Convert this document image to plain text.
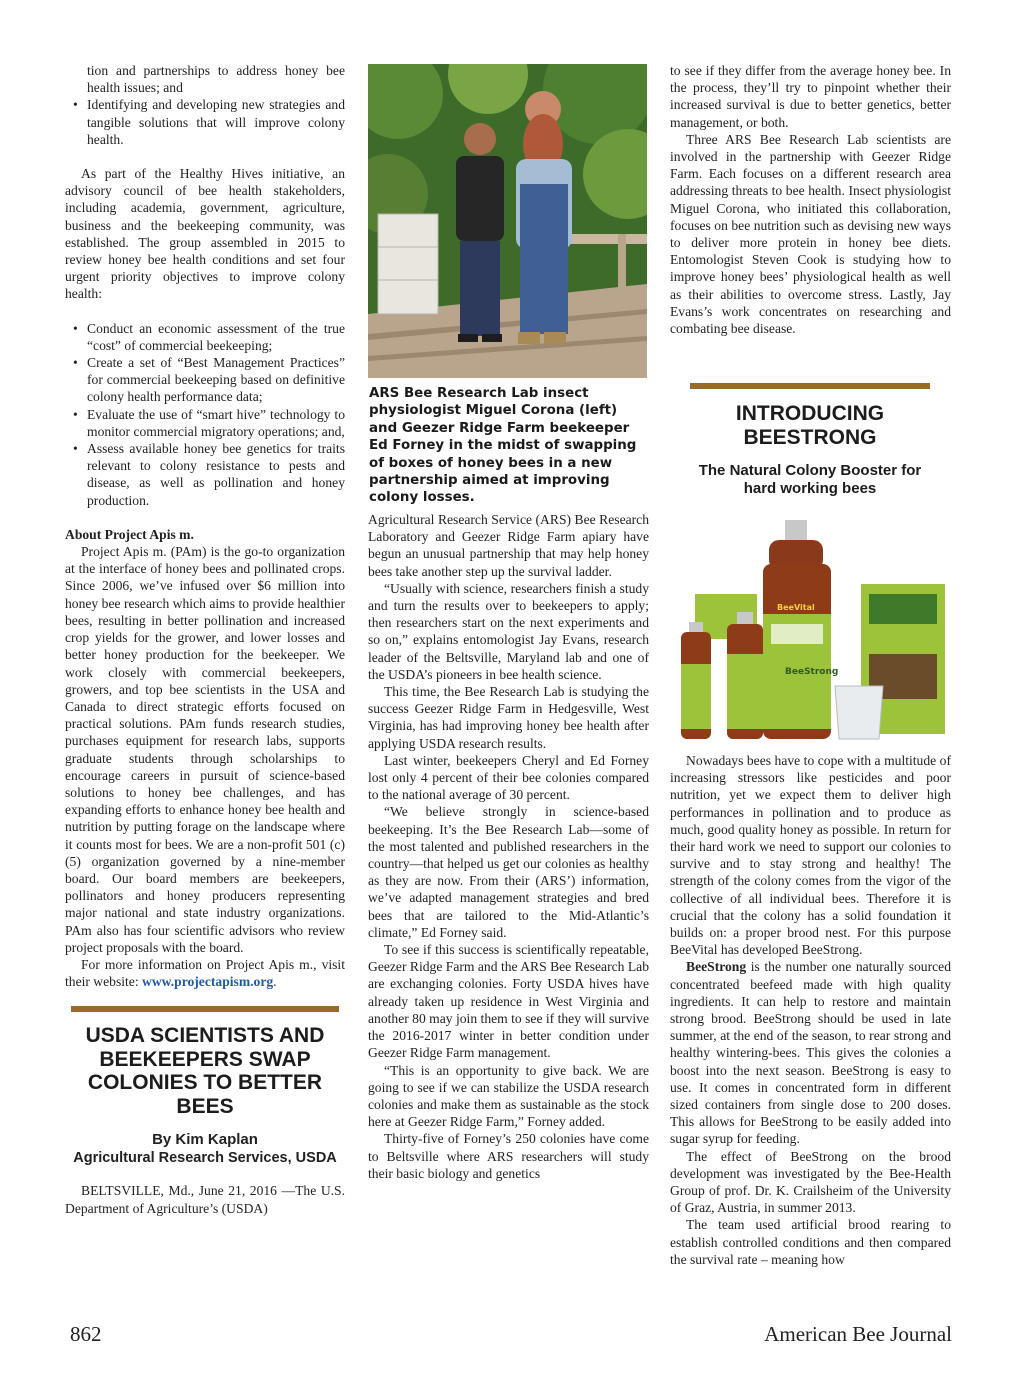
tion and partnerships to address honey bee health issues; and
• Identifying and developing new strategies and tangible solutions that will improve colony health.

As part of the Healthy Hives initiative, an advisory council of bee health stakeholders, including academia, government, agriculture, business and the beekeeping community, was established. The group assembled in 2015 to review honey bee health conditions and set four urgent priority objectives to improve colony health:

• Conduct an economic assessment of the true “cost” of commercial beekeeping;
• Create a set of “Best Management Practices” for commercial beekeeping based on definitive colony health performance data;
• Evaluate the use of “smart hive” technology to monitor commercial migratory operations; and,
• Assess available honey bee genetics for traits relevant to colony resistance to pests and disease, as well as pollination and honey production.

About Project Apis m.

Project Apis m. (PAm) is the go-to organization at the interface of honey bees and pollinated crops. Since 2006, we’ve infused over $6 million into honey bee research which aims to provide healthier bees, resulting in better pollination and increased crop yields for the grower, and lower losses and better honey production for the beekeeper. We work closely with commercial beekeepers, growers, and top bee scientists in the USA and Canada to direct strategic efforts focused on practical solutions. PAm funds research studies, purchases equipment for research labs, supports graduate students through scholarships to encourage careers in pursuit of science-based solutions to honey bee challenges, and has expanding efforts to enhance honey bee health and nutrition by putting forage on the landscape where it counts most for bees. We are a non-profit 501 (c) (5) organization governed by a nine-member board. Our board members are beekeepers, pollinators and honey producers representing major national and state industry organizations. PAm also has four scientific advisors who review project proposals with the board.

For more information on Project Apis m., visit their website: www.projectapism.org.

USDA SCIENTISTS AND BEEKEEPERS SWAP COLONIES TO BETTER BEES
By Kim Kaplan
Agricultural Research Services, USDA

BELTSVILLE, Md., June 21, 2016 —The U.S. Department of Agriculture’s (USDA)

ARS Bee Research Lab insect physiologist Miguel Corona (left) and Geezer Ridge Farm beekeeper Ed Forney in the midst of swapping of boxes of honey bees in a new partnership aimed at improving colony losses.

Agricultural Research Service (ARS) Bee Research Laboratory and Geezer Ridge Farm apiary have begun an unusual partnership that may help honey bees take another step up the survival ladder.

“Usually with science, researchers finish a study and turn the results over to beekeepers to apply; then researchers start on the next experiments and so on,” explains entomologist Jay Evans, research leader of the Beltsville, Maryland lab and one of the USDA’s pioneers in bee health science.

This time, the Bee Research Lab is studying the success Geezer Ridge Farm in Hedgesville, West Virginia, has had improving honey bee health after applying USDA research results.

Last winter, beekeepers Cheryl and Ed Forney lost only 4 percent of their bee colonies compared to the national average of 30 percent.

“We believe strongly in science-based beekeeping. It’s the Bee Research Lab—some of the most talented and published researchers in the country—that helped us get our colonies as healthy as they are now. From their (ARS’) information, we’ve adapted management strategies and bred bees that are tailored to the Mid-Atlantic’s climate,” Ed Forney said.

To see if this success is scientifically repeatable, Geezer Ridge Farm and the ARS Bee Research Lab are exchanging colonies. Forty USDA hives have already taken up residence in West Virginia and another 80 may join them to see if they will survive the 2016-2017 winter in better condition under Geezer Ridge Farm management.

“This is an opportunity to give back. We are going to see if we can stabilize the USDA research colonies and make them as sustainable as the stock here at Geezer Ridge Farm,” Forney added.

Thirty-five of Forney’s 250 colonies have come to Beltsville where ARS researchers will study their basic biology and genetics

to see if they differ from the average honey bee. In the process, they’ll try to pinpoint whether their increased survival is due to better genetics, better management, or both.

Three ARS Bee Research Lab scientists are involved in the partnership with Geezer Ridge Farm. Each focuses on a different research area addressing threats to bee health. Insect physiologist Miguel Corona, who initiated this collaboration, focuses on bee nutrition such as devising new ways to deliver more protein in honey bee diets. Entomologist Steven Cook is studying how to improve honey bees’ physiological health as well as their abilities to overcome stress. Lastly, Jay Evans’s work concentrates on researching and combating bee disease.

INTRODUCING BEESTRONG
The Natural Colony Booster for hard working bees
BeeStrong
BeeVital

Nowadays bees have to cope with a multitude of increasing stressors like pesticides and poor nutrition, yet we expect them to deliver high performances in pollination and to produce as much, good quality honey as possible. In return for their hard work we need to support our colonies to survive and to stay strong and healthy! The strength of the colony comes from the vigor of the collective of all individual bees. Therefore it is crucial that the colony has a solid foundation it builds on: a proper brood nest. For this purpose BeeVital has developed BeeStrong.

BeeStrong is the number one naturally sourced concentrated beefeed made with high quality ingredients. It can help to restore and maintain strong brood. BeeStrong should be used in late summer, at the end of the season, to rear strong and healthy wintering-bees. This gives the colonies a boost into the next season. BeeStrong is easy to use. It comes in concentrated form in different sized containers from single dose to 200 doses. This allows for BeeStrong to be easily added into sugar syrup for feeding.

The effect of BeeStrong on the brood development was investigated by the Bee-Health Group of prof. Dr. K. Crailsheim of the University of Graz, Austria, in summer 2013.

The team used artificial brood rearing to establish controlled conditions and then compared the survival rate – meaning how

862	American Bee Journal
